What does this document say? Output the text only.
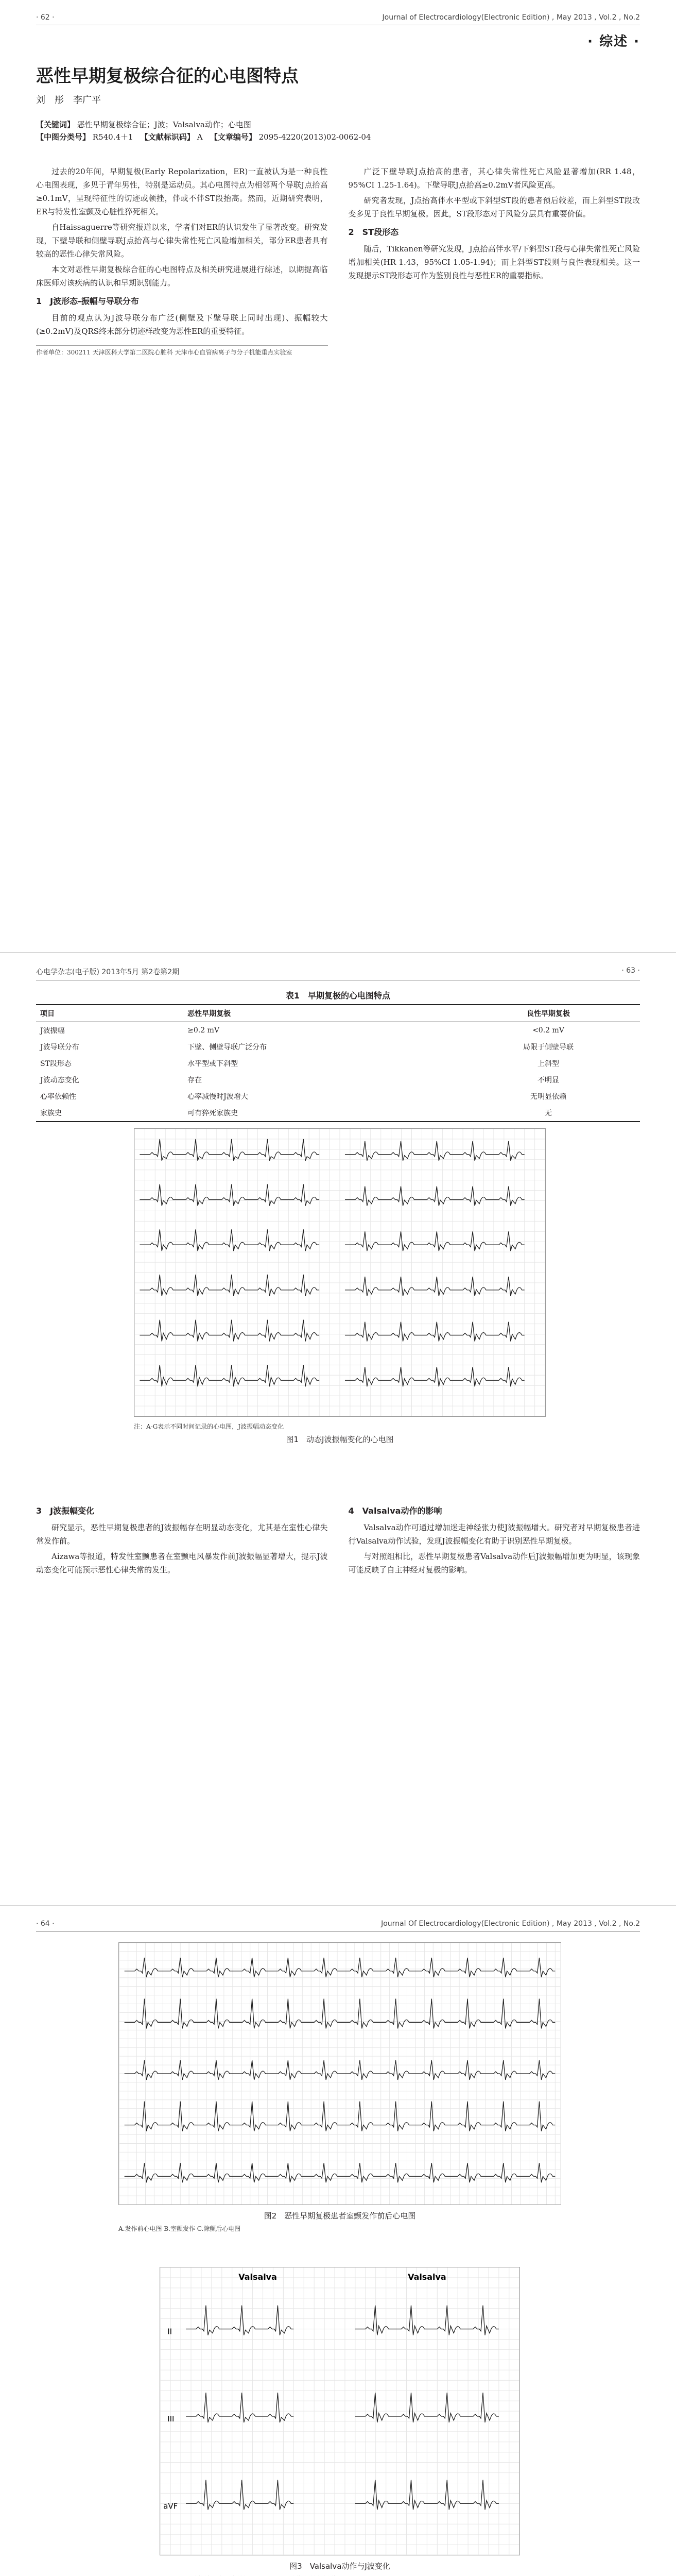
· 62 ·	Journal of Electrocardiology(Electronic Edition) , May 2013 , Vol.2 , No.2
· 综述 ·
恶性早期复极综合征的心电图特点
刘　彤　李广平
【关键词】 恶性早期复极综合征；J波；Valsalva动作；心电图
【中图分类号】 R540.4＋1 【文献标识码】 A 【文章编号】 2095-4220(2013)02-0062-04

过去的20年间，早期复极(Early Repolarization，ER)一直被认为是一种良性心电图表现，多见于青年男性，特别是运动员。其心电图特点为相邻两个导联J点抬高≥0.1mV，呈现特征性的切迹或顿挫，伴或不伴ST段抬高。然而，近期研究表明，ER与特发性室颤及心脏性猝死相关。

自Haissaguerre等研究报道以来，学者们对ER的认识发生了显著改变。研究发现，下壁导联和侧壁导联J点抬高与心律失常性死亡风险增加相关，部分ER患者具有较高的恶性心律失常风险。

本文对恶性早期复极综合征的心电图特点及相关研究进展进行综述，以期提高临床医师对该疾病的认识和早期识别能力。

1　J波形态-振幅与导联分布

目前的观点认为J波导联分布广泛(侧壁及下壁导联上同时出现)、振幅较大(≥0.2mV)及QRS终末部分切迹样改变为恶性ER的重要特征。

作者单位：300211 天津医科大学第二医院心脏科 天津市心血管病离子与分子机能重点实验室

广泛下壁导联J点抬高的患者，其心律失常性死亡风险显著增加(RR 1.48，95%CI 1.25-1.64)。下壁导联J点抬高≥0.2mV者风险更高。

研究者发现，J点抬高伴水平型或下斜型ST段的患者预后较差，而上斜型ST段改变多见于良性早期复极。因此，ST段形态对于风险分层具有重要价值。

2　ST段形态

随后，Tikkanen等研究发现，J点抬高伴水平/下斜型ST段与心律失常性死亡风险增加相关(HR 1.43，95%CI 1.05-1.94)；而上斜型ST段则与良性表现相关。这一发现提示ST段形态可作为鉴别良性与恶性ER的重要指标。

心电学杂志(电子版) 2013年5月 第2卷第2期	· 63 ·
表1　早期复极的心电图特点
项目	恶性早期复极	良性早期复极
J波振幅	≥0.2 mV	<0.2 mV
J波导联分布	下壁、侧壁导联广泛分布	局限于侧壁导联
ST段形态	水平型或下斜型	上斜型
J波动态变化	存在	不明显
心率依赖性	心率减慢时J波增大	无明显依赖
家族史	可有猝死家族史	无
注：A-G表示不同时间记录的心电图，J波振幅动态变化
图1　动态J波振幅变化的心电图
3　J波振幅变化

研究显示，恶性早期复极患者的J波振幅存在明显动态变化，尤其是在室性心律失常发作前。

Aizawa等报道，特发性室颤患者在室颤电风暴发作前J波振幅显著增大，提示J波动态变化可能预示恶性心律失常的发生。

4　Valsalva动作的影响

Valsalva动作可通过增加迷走神经张力使J波振幅增大。研究者对早期复极患者进行Valsalva动作试验，发现J波振幅变化有助于识别恶性早期复极。

与对照组相比，恶性早期复极患者Valsalva动作后J波振幅增加更为明显，该现象可能反映了自主神经对复极的影响。

· 64 ·	Journal Of Electrocardiology(Electronic Edition) , May 2013 , Vol.2 , No.2
图2　恶性早期复极患者室颤发作前后心电图
A.发作前心电图 B.室颤发作 C.除颤后心电图
Valsalva	Valsalva
II
III
aVF
图3　Valsalva动作与J波变化
